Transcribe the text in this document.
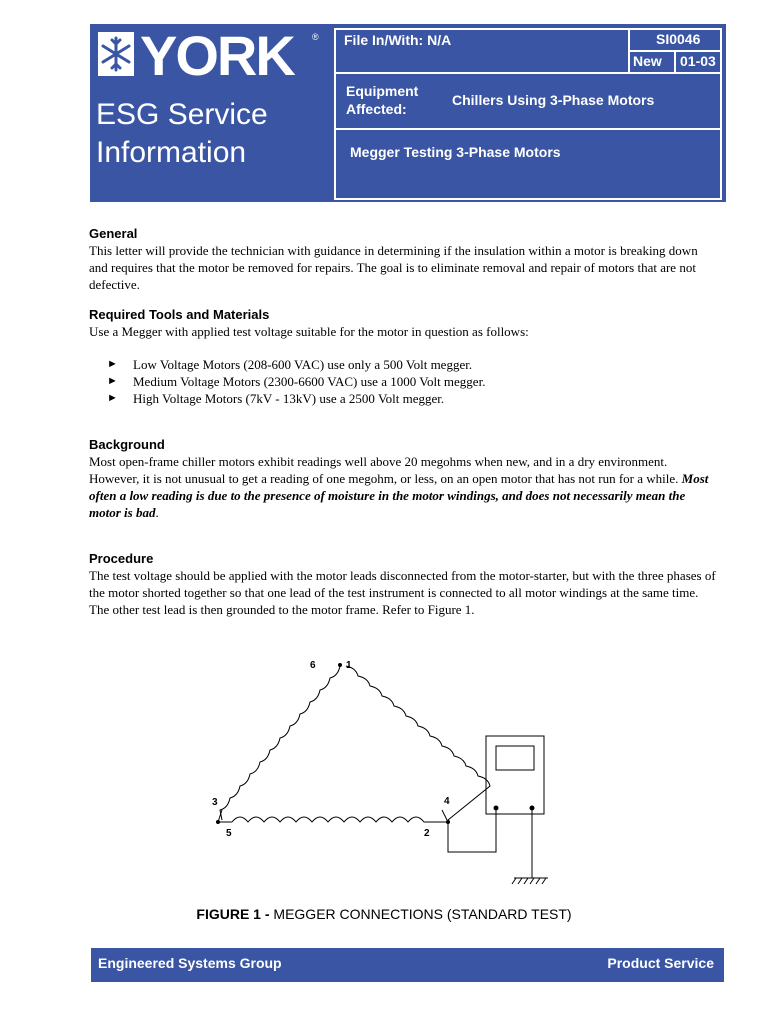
YORK ®
ESG Service
Information
File In/With: N/A	SI0046
New 01-03
Equipment
Affected:
Chillers Using 3-Phase Motors
Megger Testing 3-Phase Motors

General

This letter will provide the technician with guidance in determining if the insulation within a motor is breaking down and requires that the motor be removed for repairs. The goal is to eliminate removal and repair of motors that are not defective.

Required Tools and Materials

Use a Megger with applied test voltage suitable for the motor in question as follows:

► Low Voltage Motors (208-600 VAC) use only a 500 Volt megger.
► Medium Voltage Motors (2300-6600 VAC) use a 1000 Volt megger.
► High Voltage Motors (7kV - 13kV) use a 2500 Volt megger.

Background

Most open-frame chiller motors exhibit readings well above 20 megohms when new, and in a dry environment. However, it is not unusual to get a reading of one megohm, or less, on an open motor that has not run for a while. Most often a low reading is due to the presence of moisture in the motor windings, and does not necessarily mean the motor is bad.

Procedure

The test voltage should be applied with the motor leads disconnected from the motor-starter, but with the three phases of the motor shorted together so that one lead of the test instrument is connected to all motor windings at the same time. The other test lead is then grounded to the motor frame. Refer to Figure 1.

6	1
3
5
4
2
FIGURE 1 - MEGGER CONNECTIONS (STANDARD TEST)
Engineered Systems Group	Product Service
